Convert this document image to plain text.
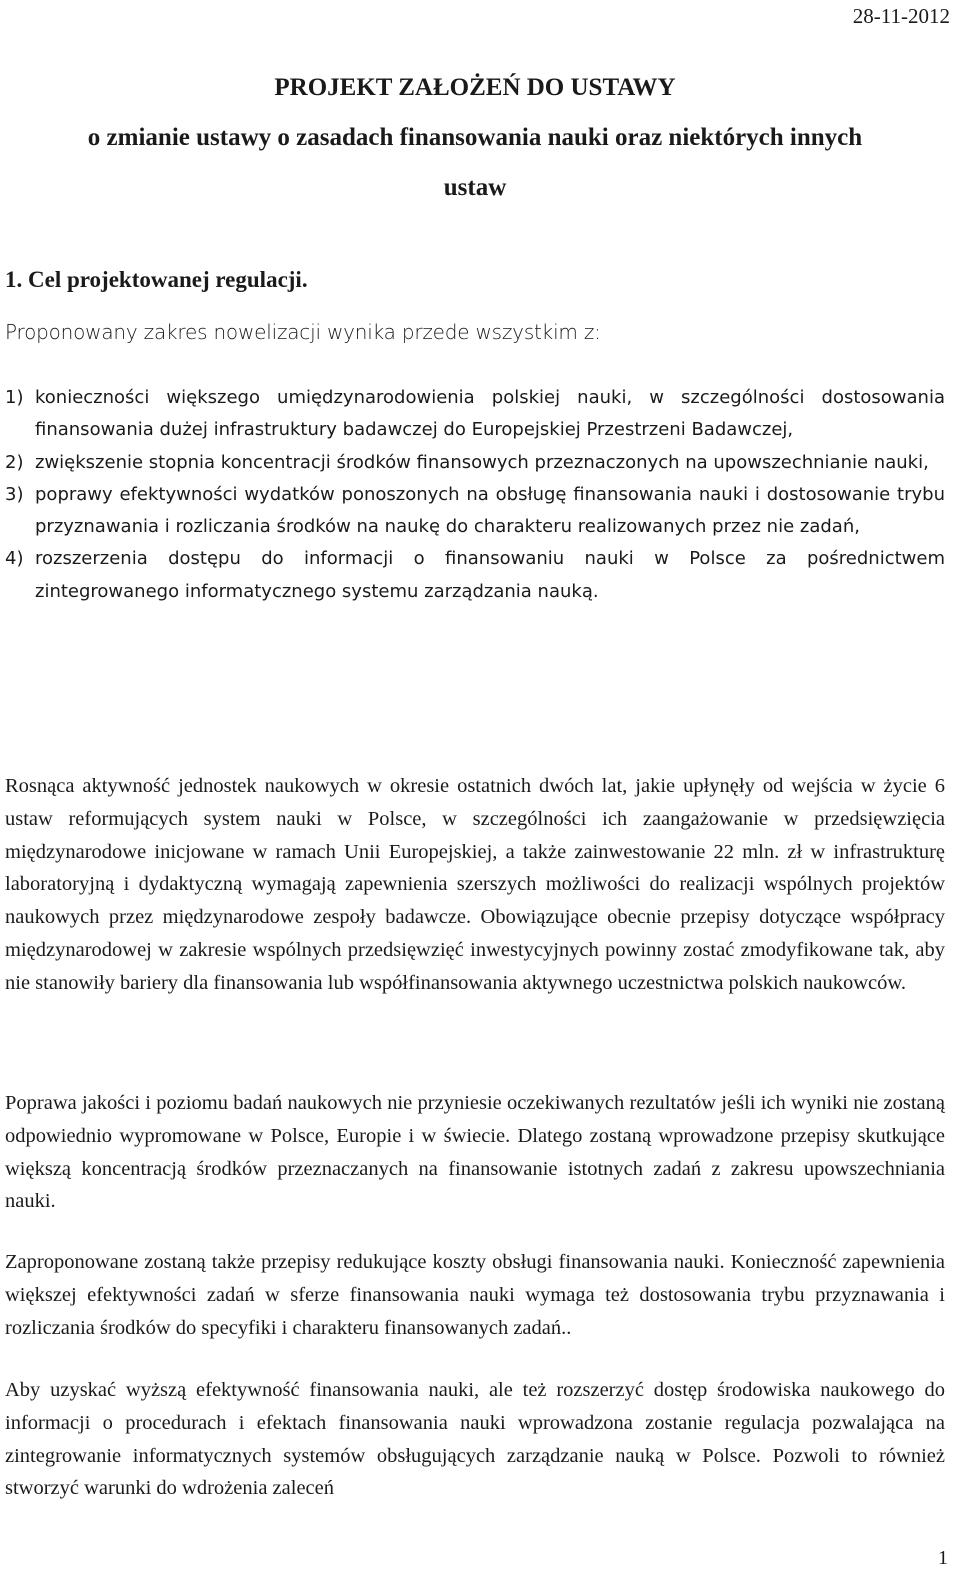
28-11-2012
PROJEKT ZAŁOŻEŃ DO USTAWY
o zmianie ustawy o zasadach finansowania nauki oraz niektórych innych
ustaw
1. Cel projektowanej regulacji.
Proponowany zakres nowelizacji wynika przede wszystkim z:
1) konieczności większego umiędzynarodowienia polskiej nauki, w szczególności dostosowania finansowania dużej infrastruktury badawczej do Europejskiej Przestrzeni Badawczej,
2) zwiększenie stopnia koncentracji środków finansowych przeznaczonych na upowszechnianie nauki,
3) poprawy efektywności wydatków ponoszonych na obsługę finansowania nauki i dostosowanie trybu przyznawania i rozliczania środków na naukę do charakteru realizowanych przez nie zadań,
4) rozszerzenia dostępu do informacji o finansowaniu nauki w Polsce za pośrednictwem zintegrowanego informatycznego systemu zarządzania nauką.
Rosnąca aktywność jednostek naukowych w okresie ostatnich dwóch lat, jakie upłynęły od wejścia w życie 6 ustaw reformujących system nauki w Polsce, w szczególności ich zaangażowanie w przedsięwzięcia międzynarodowe inicjowane w ramach Unii Europejskiej, a także zainwestowanie 22 mln. zł w infrastrukturę laboratoryjną i dydaktyczną wymagają zapewnienia szerszych możliwości do realizacji wspólnych projektów naukowych przez międzynarodowe zespoły badawcze. Obowiązujące obecnie przepisy dotyczące współpracy międzynarodowej w zakresie wspólnych przedsięwzięć inwestycyjnych powinny zostać zmodyfikowane tak, aby nie stanowiły bariery dla finansowania lub współfinansowania aktywnego uczestnictwa polskich naukowców.
Poprawa jakości i poziomu badań naukowych nie przyniesie oczekiwanych rezultatów jeśli ich wyniki nie zostaną odpowiednio wypromowane w Polsce, Europie i w świecie. Dlatego zostaną wprowadzone przepisy skutkujące większą koncentracją środków przeznaczanych na finansowanie istotnych zadań z zakresu upowszechniania nauki.
Zaproponowane zostaną także przepisy redukujące koszty obsługi finansowania nauki. Konieczność zapewnienia większej efektywności zadań w sferze finansowania nauki wymaga też dostosowania trybu przyznawania i rozliczania środków do specyfiki i charakteru finansowanych zadań..
Aby uzyskać wyższą efektywność finansowania nauki, ale też rozszerzyć dostęp środowiska naukowego do informacji o procedurach i efektach finansowania nauki wprowadzona zostanie regulacja pozwalająca na zintegrowanie informatycznych systemów obsługujących zarządzanie nauką w Polsce. Pozwoli to również stworzyć warunki do wdrożenia zaleceń
1
